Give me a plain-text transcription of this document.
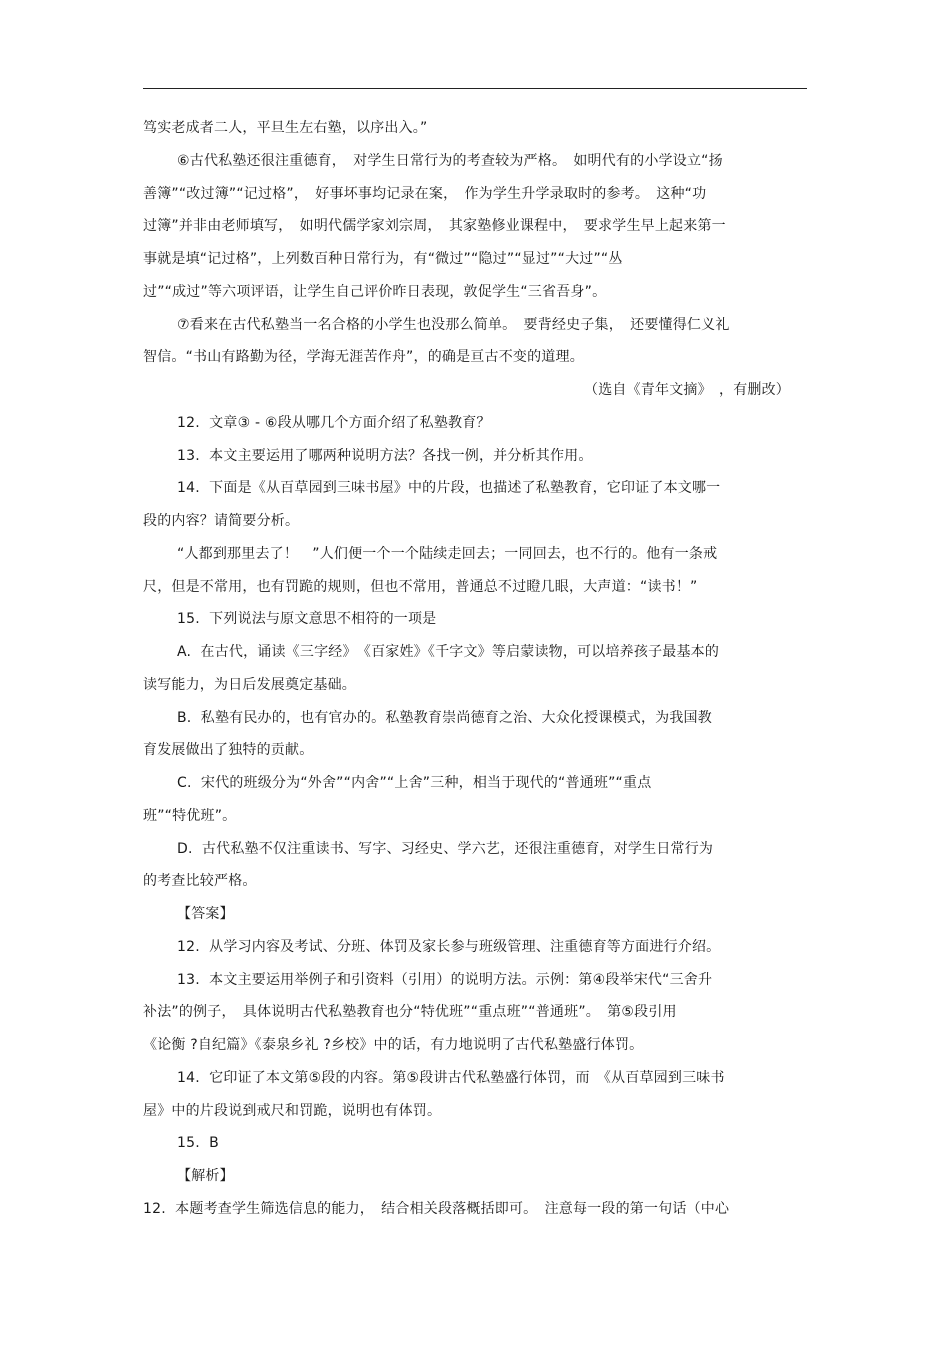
笃实老成者二人，平旦生左右塾，以序出入。”

⑥古代私塾还很注重德育，　对学生日常行为的考查较为严格。　如明代有的小学设立“扬

善簿”“改过簿”“记过格”，　好事坏事均记录在案，　作为学生升学录取时的参考。　这种“功

过簿”并非由老师填写，　如明代儒学家刘宗周，　其家塾修业课程中，　要求学生早上起来第一

事就是填“记过格”，上列数百种日常行为，有“微过”“隐过”“显过”“大过”“丛

过”“成过”等六项评语，让学生自己评价昨日表现，敦促学生“三省吾身”。

⑦看来在古代私塾当一名合格的小学生也没那么简单。　要背经史子集，　还要懂得仁义礼

智信。“书山有路勤为径，学海无涯苦作舟”，的确是亘古不变的道理。

（选自《青年文摘》　，有删改）

12.  文章③ - ⑥段从哪几个方面介绍了私塾教育？

13.  本文主要运用了哪两种说明方法？各找一例，并分析其作用。

14.  下面是《从百草园到三味书屋》中的片段，也描述了私塾教育，它印证了本文哪一

段的内容？请简要分析。

“人都到那里去了！　”人们便一个一个陆续走回去；一同回去，也不行的。他有一条戒

尺，但是不常用，也有罚跪的规则，但也不常用，普通总不过瞪几眼，大声道：“读书！”

15.  下列说法与原文意思不相符的一项是

A.  在古代，诵读《三字经》　《百家姓》《千字文》等启蒙读物，可以培养孩子最基本的

读写能力，为日后发展奠定基础。

B.  私塾有民办的，也有官办的。私塾教育崇尚德育之治、大众化授课模式，为我国教

育发展做出了独特的贡献。

C.  宋代的班级分为“外舍”“内舍”“上舍”三种，相当于现代的“普通班”“重点

班”“特优班”。

D.  古代私塾不仅注重读书、写字、习经史、学六艺，还很注重德育，对学生日常行为

的考查比较严格。

【答案】

12.  从学习内容及考试、分班、体罚及家长参与班级管理、注重德育等方面进行介绍。

13.  本文主要运用举例子和引资料（引用）的说明方法。示例：第④段举宋代“三舍升

补法”的例子，　具体说明古代私塾教育也分“特优班”“重点班”“普通班”。　第⑤段引用

《论衡 ?自纪篇》《泰泉乡礼 ?乡校》中的话，有力地说明了古代私塾盛行体罚。

14.  它印证了本文第⑤段的内容。第⑤段讲古代私塾盛行体罚，而　《从百草园到三味书

屋》中的片段说到戒尺和罚跪，说明也有体罚。

15.  B

【解析】

12.  本题考查学生筛选信息的能力，　结合相关段落概括即可。　注意每一段的第一句话（中心
